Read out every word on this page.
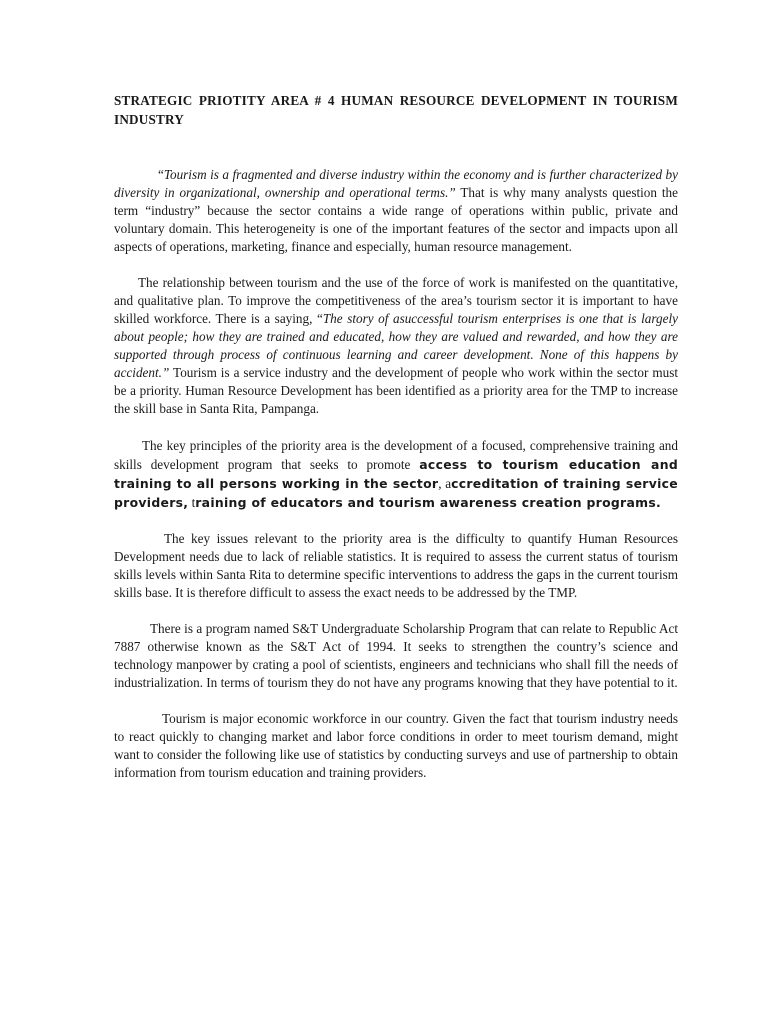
STRATEGIC PRIOTITY AREA # 4 HUMAN RESOURCE DEVELOPMENT IN TOURISM INDUSTRY

“Tourism is a fragmented and diverse industry within the economy and is further characterized by diversity in organizational, ownership and operational terms.” That is why many analysts question the term “industry” because the sector contains a wide range of operations within public, private and voluntary domain. This heterogeneity is one of the important features of the sector and impacts upon all aspects of operations, marketing, finance and especially, human resource management.

The relationship between tourism and the use of the force of work is manifested on the quantitative, and qualitative plan. To improve the competitiveness of the area’s tourism sector it is important to have skilled workforce. There is a saying, “The story of asuccessful tourism enterprises is one that is largely about people; how they are trained and educated, how they are valued and rewarded, and how they are supported through process of continuous learning and career development. None of this happens by accident.” Tourism is a service industry and the development of people who work within the sector must be a priority. Human Resource Development has been identified as a priority area for the TMP to increase the skill base in Santa Rita, Pampanga.

The key principles of the priority area is the development of a focused, comprehensive training and skills development program that seeks to promote access to tourism education and training to all persons working in the sector, accreditation of training service providers, training of educators and tourism awareness creation programs.

The key issues relevant to the priority area is the difficulty to quantify Human Resources Development needs due to lack of reliable statistics. It is required to assess the current status of tourism skills levels within Santa Rita to determine specific interventions to address the gaps in the current tourism skills base. It is therefore difficult to assess the exact needs to be addressed by the TMP.

There is a program named S&T Undergraduate Scholarship Program that can relate to Republic Act 7887 otherwise known as the S&T Act of 1994. It seeks to strengthen the country’s science and technology manpower by crating a pool of scientists, engineers and technicians who shall fill the needs of industrialization. In terms of tourism they do not have any programs knowing that they have potential to it.

Tourism is major economic workforce in our country. Given the fact that tourism industry needs to react quickly to changing market and labor force conditions in order to meet tourism demand, might want to consider the following like use of statistics by conducting surveys and use of partnership to obtain information from tourism education and training providers.
